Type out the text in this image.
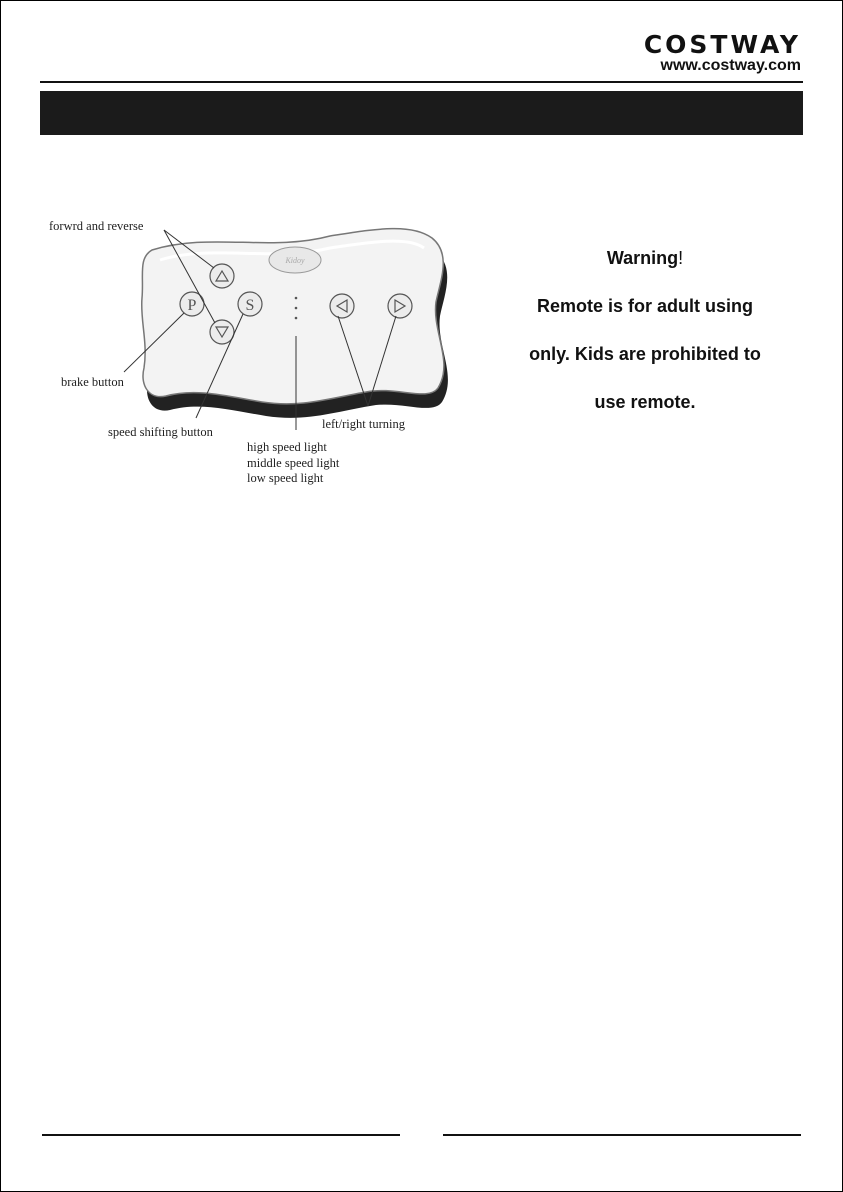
COSTWAY
www.costway.com
Kidoy
P	S
forwrd and reverse
brake button
speed shifting button
left/right turning
high speed light
middle speed light
low speed light
Warning!
Remote is for adult using
only. Kids are prohibited to
use remote.
